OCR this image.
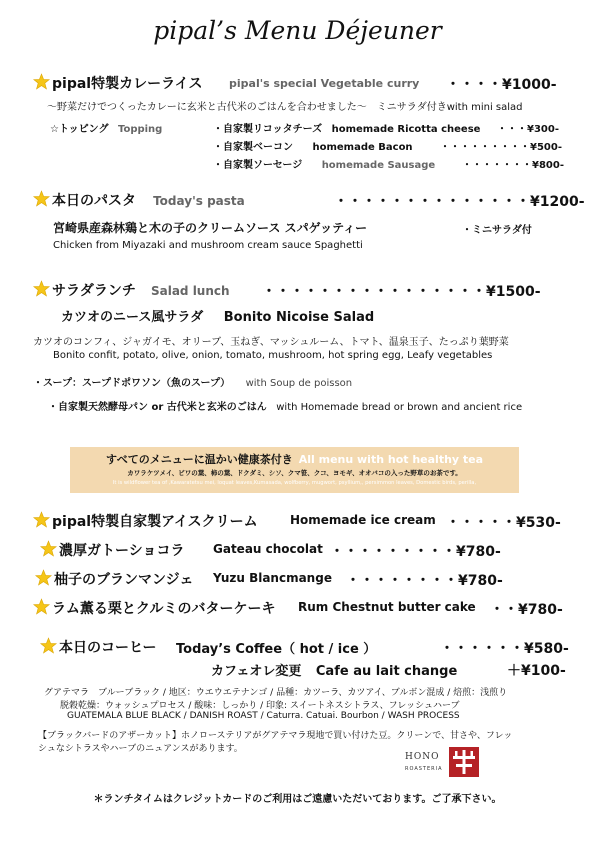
pipal’s Menu Déjeuner
pipal特製カレーライス pipal's special Vegetable curry ・・・・¥1000-
〜野菜だけでつくったカレーに玄米と古代米のごはんを合わせました〜　ミニサラダ付きwith mini salad
☆トッピング Topping	・自家製リコッタチーズ homemade Ricotta cheese ・・・¥300-
・自家製ベーコン homemade Bacon	・・・・・・・・・¥500-
・自家製ソーセージ homemade Sausage	・・・・・・・¥800-
本日のパスタ Today's pasta	・・・・・・・・・・・・・・¥1200-
宮崎県産森林鶏と木の子のクリームソース スパゲッティー	・ミニサラダ付
Chicken from Miyazaki and mushroom cream sauce Spaghetti
サラダランチ Salad lunch ・・・・・・・・・・・・・・・・¥1500-
カツオのニース風サラダ Bonito Nicoise Salad
カツオのコンフィ、ジャガイモ、オリーブ、玉ねぎ、マッシュルーム、トマト、温泉玉子、たっぷり葉野菜
Bonito confit, potato, olive, onion, tomato, mushroom, hot spring egg, Leafy vegetables
・スープ：スープドポワソン（魚のスープ） with Soup de poisson
・自家製天然酵母パン or 古代米と玄米のごはん with Homemade bread or brown and ancient rice
すべてのメニューに温かい健康茶付き All menu with hot healthy tea
カワラケツメイ、ビワの葉、柿の葉、ドクダミ、シソ、クマ笹、クコ、ヨモギ、オオバコの入った野草のお茶です。
It is wildflower tea of ,Kawaratetsu mei, loquat leaves,Kumasada, wolfberry, mugwort, psyllium,, persimmon leaves, Domestic birds, perilla,
pipal特製自家製アイスクリーム	Homemade ice cream ・・・・・¥530-
濃厚ガトーショコラ Gateau chocolat ・・・・・・・・・¥780-
柚子のブランマンジェ Yuzu Blancmange ・・・・・・・・¥780-
ラム薫る栗とクルミのバターケーキ Rum Chestnut butter cake ・・¥780-
本日のコーヒー Today’s Coffee（ hot / ice ）	・・・・・・¥580-
カフェオレ変更 Cafe au lait change	＋¥100-
グアテマラ　ブルーブラック / 地区：ウエウエテナンゴ / 品種：カツーラ、カツアイ、ブルボン混成 / 焙煎：浅煎り
脱穀乾燥：ウォッシュプロセス / 酸味：しっかり / 印象: スイートネスシトラス、フレッシュハーブ
GUATEMALA BLUE BLACK / DANISH ROAST / Caturra. Catuai. Bourbon / WASH PROCESS
【ブラックバードのアザーカット】ホノローステリアがグアテマラ現地で買い付けた豆。クリーンで、甘さや、フレッ
シュなシトラスやハーブのニュアンスがあります。
HONO
ROASTERIA
＊ランチタイムはクレジットカードのご利用はご遠慮いただいております。ご了承下さい。
